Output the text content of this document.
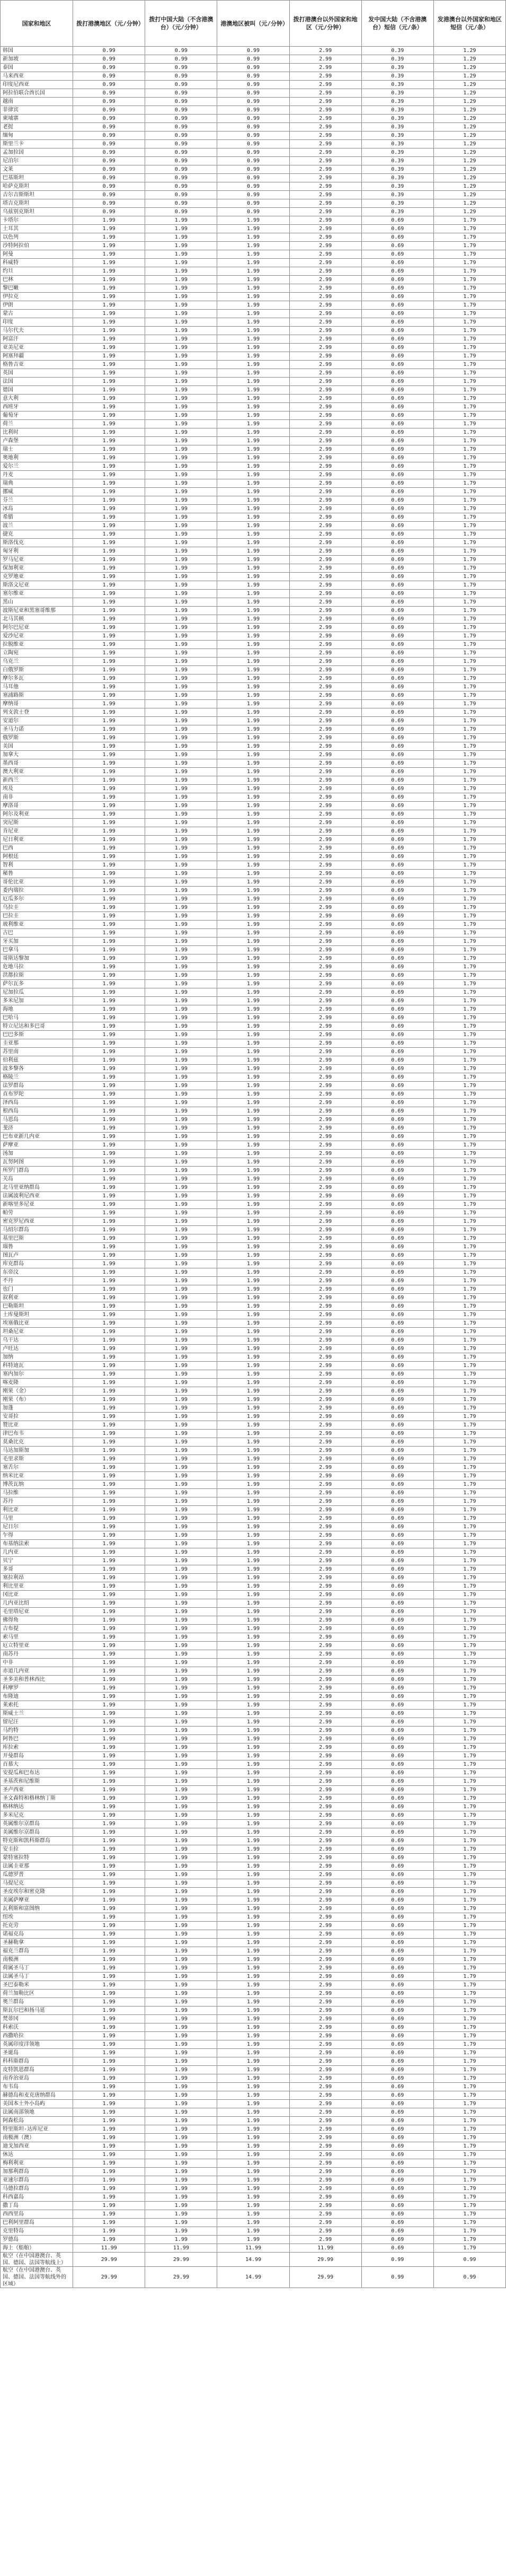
国家和地区	拨打港澳地区（元/分钟）	拨打中国大陆（不含港澳台）（元/分钟）	港澳地区被叫（元/分钟）	拨打港澳台以外国家和地区（元/分钟）	发中国大陆（不含港澳台）短信（元/条）	发港澳台以外国家和地区短信（元/条）
韩国	0.99	0.99	0.99	2.99	0.39	1.29
新加坡	0.99	0.99	0.99	2.99	0.39	1.29
泰国	0.99	0.99	0.99	2.99	0.39	1.29
马来西亚	0.99	0.99	0.99	2.99	0.39	1.29
印度尼西亚	0.99	0.99	0.99	2.99	0.39	1.29
阿拉伯联合酋长国	0.99	0.99	0.99	2.99	0.39	1.29
越南	0.99	0.99	0.99	2.99	0.39	1.29
菲律宾	0.99	0.99	0.99	2.99	0.39	1.29
柬埔寨	0.99	0.99	0.99	2.99	0.39	1.29
老挝	0.99	0.99	0.99	2.99	0.39	1.29
缅甸	0.99	0.99	0.99	2.99	0.39	1.29
斯里兰卡	0.99	0.99	0.99	2.99	0.39	1.29
孟加拉国	0.99	0.99	0.99	2.99	0.39	1.29
尼泊尔	0.99	0.99	0.99	2.99	0.39	1.29
文莱	0.99	0.99	0.99	2.99	0.39	1.29
巴基斯坦	0.99	0.99	0.99	2.99	0.39	1.29
哈萨克斯坦	0.99	0.99	0.99	2.99	0.39	1.29
吉尔吉斯斯坦	0.99	0.99	0.99	2.99	0.39	1.29
塔吉克斯坦	0.99	0.99	0.99	2.99	0.39	1.29
乌兹别克斯坦	0.99	0.99	0.99	2.99	0.39	1.29
卡塔尔	1.99	1.99	1.99	2.99	0.69	1.79
土耳其	1.99	1.99	1.99	2.99	0.69	1.79
以色列	1.99	1.99	1.99	2.99	0.69	1.79
沙特阿拉伯	1.99	1.99	1.99	2.99	0.69	1.79
阿曼	1.99	1.99	1.99	2.99	0.69	1.79
科威特	1.99	1.99	1.99	2.99	0.69	1.79
约旦	1.99	1.99	1.99	2.99	0.69	1.79
巴林	1.99	1.99	1.99	2.99	0.69	1.79
黎巴嫩	1.99	1.99	1.99	2.99	0.69	1.79
伊拉克	1.99	1.99	1.99	2.99	0.69	1.79
伊朗	1.99	1.99	1.99	2.99	0.69	1.79
蒙古	1.99	1.99	1.99	2.99	0.69	1.79
印度	1.99	1.99	1.99	2.99	0.69	1.79
马尔代夫	1.99	1.99	1.99	2.99	0.69	1.79
阿富汗	1.99	1.99	1.99	2.99	0.69	1.79
亚美尼亚	1.99	1.99	1.99	2.99	0.69	1.79
阿塞拜疆	1.99	1.99	1.99	2.99	0.69	1.79
格鲁吉亚	1.99	1.99	1.99	2.99	0.69	1.79
英国	1.99	1.99	1.99	2.99	0.69	1.79
法国	1.99	1.99	1.99	2.99	0.69	1.79
德国	1.99	1.99	1.99	2.99	0.69	1.79
意大利	1.99	1.99	1.99	2.99	0.69	1.79
西班牙	1.99	1.99	1.99	2.99	0.69	1.79
葡萄牙	1.99	1.99	1.99	2.99	0.69	1.79
荷兰	1.99	1.99	1.99	2.99	0.69	1.79
比利时	1.99	1.99	1.99	2.99	0.69	1.79
卢森堡	1.99	1.99	1.99	2.99	0.69	1.79
瑞士	1.99	1.99	1.99	2.99	0.69	1.79
奥地利	1.99	1.99	1.99	2.99	0.69	1.79
爱尔兰	1.99	1.99	1.99	2.99	0.69	1.79
丹麦	1.99	1.99	1.99	2.99	0.69	1.79
瑞典	1.99	1.99	1.99	2.99	0.69	1.79
挪威	1.99	1.99	1.99	2.99	0.69	1.79
芬兰	1.99	1.99	1.99	2.99	0.69	1.79
冰岛	1.99	1.99	1.99	2.99	0.69	1.79
希腊	1.99	1.99	1.99	2.99	0.69	1.79
波兰	1.99	1.99	1.99	2.99	0.69	1.79
捷克	1.99	1.99	1.99	2.99	0.69	1.79
斯洛伐克	1.99	1.99	1.99	2.99	0.69	1.79
匈牙利	1.99	1.99	1.99	2.99	0.69	1.79
罗马尼亚	1.99	1.99	1.99	2.99	0.69	1.79
保加利亚	1.99	1.99	1.99	2.99	0.69	1.79
克罗地亚	1.99	1.99	1.99	2.99	0.69	1.79
斯洛文尼亚	1.99	1.99	1.99	2.99	0.69	1.79
塞尔维亚	1.99	1.99	1.99	2.99	0.69	1.79
黑山	1.99	1.99	1.99	2.99	0.69	1.79
波斯尼亚和黑塞哥维那	1.99	1.99	1.99	2.99	0.69	1.79
北马其顿	1.99	1.99	1.99	2.99	0.69	1.79
阿尔巴尼亚	1.99	1.99	1.99	2.99	0.69	1.79
爱沙尼亚	1.99	1.99	1.99	2.99	0.69	1.79
拉脱维亚	1.99	1.99	1.99	2.99	0.69	1.79
立陶宛	1.99	1.99	1.99	2.99	0.69	1.79
乌克兰	1.99	1.99	1.99	2.99	0.69	1.79
白俄罗斯	1.99	1.99	1.99	2.99	0.69	1.79
摩尔多瓦	1.99	1.99	1.99	2.99	0.69	1.79
马耳他	1.99	1.99	1.99	2.99	0.69	1.79
塞浦路斯	1.99	1.99	1.99	2.99	0.69	1.79
摩纳哥	1.99	1.99	1.99	2.99	0.69	1.79
列支敦士登	1.99	1.99	1.99	2.99	0.69	1.79
安道尔	1.99	1.99	1.99	2.99	0.69	1.79
圣马力诺	1.99	1.99	1.99	2.99	0.69	1.79
俄罗斯	1.99	1.99	1.99	2.99	0.69	1.79
美国	1.99	1.99	1.99	2.99	0.69	1.79
加拿大	1.99	1.99	1.99	2.99	0.69	1.79
墨西哥	1.99	1.99	1.99	2.99	0.69	1.79
澳大利亚	1.99	1.99	1.99	2.99	0.69	1.79
新西兰	1.99	1.99	1.99	2.99	0.69	1.79
埃及	1.99	1.99	1.99	2.99	0.69	1.79
南非	1.99	1.99	1.99	2.99	0.69	1.79
摩洛哥	1.99	1.99	1.99	2.99	0.69	1.79
阿尔及利亚	1.99	1.99	1.99	2.99	0.69	1.79
突尼斯	1.99	1.99	1.99	2.99	0.69	1.79
肯尼亚	1.99	1.99	1.99	2.99	0.69	1.79
尼日利亚	1.99	1.99	1.99	2.99	0.69	1.79
巴西	1.99	1.99	1.99	2.99	0.69	1.79
阿根廷	1.99	1.99	1.99	2.99	0.69	1.79
智利	1.99	1.99	1.99	2.99	0.69	1.79
秘鲁	1.99	1.99	1.99	2.99	0.69	1.79
哥伦比亚	1.99	1.99	1.99	2.99	0.69	1.79
委内瑞拉	1.99	1.99	1.99	2.99	0.69	1.79
厄瓜多尔	1.99	1.99	1.99	2.99	0.69	1.79
乌拉圭	1.99	1.99	1.99	2.99	0.69	1.79
巴拉圭	1.99	1.99	1.99	2.99	0.69	1.79
玻利维亚	1.99	1.99	1.99	2.99	0.69	1.79
古巴	1.99	1.99	1.99	2.99	0.69	1.79
牙买加	1.99	1.99	1.99	2.99	0.69	1.79
巴拿马	1.99	1.99	1.99	2.99	0.69	1.79
哥斯达黎加	1.99	1.99	1.99	2.99	0.69	1.79
危地马拉	1.99	1.99	1.99	2.99	0.69	1.79
洪都拉斯	1.99	1.99	1.99	2.99	0.69	1.79
萨尔瓦多	1.99	1.99	1.99	2.99	0.69	1.79
尼加拉瓜	1.99	1.99	1.99	2.99	0.69	1.79
多米尼加	1.99	1.99	1.99	2.99	0.69	1.79
海地	1.99	1.99	1.99	2.99	0.69	1.79
巴哈马	1.99	1.99	1.99	2.99	0.69	1.79
特立尼达和多巴哥	1.99	1.99	1.99	2.99	0.69	1.79
巴巴多斯	1.99	1.99	1.99	2.99	0.69	1.79
圭亚那	1.99	1.99	1.99	2.99	0.69	1.79
苏里南	1.99	1.99	1.99	2.99	0.69	1.79
伯利兹	1.99	1.99	1.99	2.99	0.69	1.79
波多黎各	1.99	1.99	1.99	2.99	0.69	1.79
格陵兰	1.99	1.99	1.99	2.99	0.69	1.79
法罗群岛	1.99	1.99	1.99	2.99	0.69	1.79
直布罗陀	1.99	1.99	1.99	2.99	0.69	1.79
泽西岛	1.99	1.99	1.99	2.99	0.69	1.79
根西岛	1.99	1.99	1.99	2.99	0.69	1.79
马恩岛	1.99	1.99	1.99	2.99	0.69	1.79
斐济	1.99	1.99	1.99	2.99	0.69	1.79
巴布亚新几内亚	1.99	1.99	1.99	2.99	0.69	1.79
萨摩亚	1.99	1.99	1.99	2.99	0.69	1.79
汤加	1.99	1.99	1.99	2.99	0.69	1.79
瓦努阿图	1.99	1.99	1.99	2.99	0.69	1.79
所罗门群岛	1.99	1.99	1.99	2.99	0.69	1.79
关岛	1.99	1.99	1.99	2.99	0.69	1.79
北马里亚纳群岛	1.99	1.99	1.99	2.99	0.69	1.79
法属波利尼西亚	1.99	1.99	1.99	2.99	0.69	1.79
新喀里多尼亚	1.99	1.99	1.99	2.99	0.69	1.79
帕劳	1.99	1.99	1.99	2.99	0.69	1.79
密克罗尼西亚	1.99	1.99	1.99	2.99	0.69	1.79
马绍尔群岛	1.99	1.99	1.99	2.99	0.69	1.79
基里巴斯	1.99	1.99	1.99	2.99	0.69	1.79
瑙鲁	1.99	1.99	1.99	2.99	0.69	1.79
图瓦卢	1.99	1.99	1.99	2.99	0.69	1.79
库克群岛	1.99	1.99	1.99	2.99	0.69	1.79
东帝汶	1.99	1.99	1.99	2.99	0.69	1.79
不丹	1.99	1.99	1.99	2.99	0.69	1.79
也门	1.99	1.99	1.99	2.99	0.69	1.79
叙利亚	1.99	1.99	1.99	2.99	0.69	1.79
巴勒斯坦	1.99	1.99	1.99	2.99	0.69	1.79
土库曼斯坦	1.99	1.99	1.99	2.99	0.69	1.79
埃塞俄比亚	1.99	1.99	1.99	2.99	0.69	1.79
坦桑尼亚	1.99	1.99	1.99	2.99	0.69	1.79
乌干达	1.99	1.99	1.99	2.99	0.69	1.79
卢旺达	1.99	1.99	1.99	2.99	0.69	1.79
加纳	1.99	1.99	1.99	2.99	0.69	1.79
科特迪瓦	1.99	1.99	1.99	2.99	0.69	1.79
塞内加尔	1.99	1.99	1.99	2.99	0.69	1.79
喀麦隆	1.99	1.99	1.99	2.99	0.69	1.79
刚果（金）	1.99	1.99	1.99	2.99	0.69	1.79
刚果（布）	1.99	1.99	1.99	2.99	0.69	1.79
加蓬	1.99	1.99	1.99	2.99	0.69	1.79
安哥拉	1.99	1.99	1.99	2.99	0.69	1.79
赞比亚	1.99	1.99	1.99	2.99	0.69	1.79
津巴布韦	1.99	1.99	1.99	2.99	0.69	1.79
莫桑比克	1.99	1.99	1.99	2.99	0.69	1.79
马达加斯加	1.99	1.99	1.99	2.99	0.69	1.79
毛里求斯	1.99	1.99	1.99	2.99	0.69	1.79
塞舌尔	1.99	1.99	1.99	2.99	0.69	1.79
纳米比亚	1.99	1.99	1.99	2.99	0.69	1.79
博茨瓦纳	1.99	1.99	1.99	2.99	0.69	1.79
马拉维	1.99	1.99	1.99	2.99	0.69	1.79
苏丹	1.99	1.99	1.99	2.99	0.69	1.79
利比亚	1.99	1.99	1.99	2.99	0.69	1.79
马里	1.99	1.99	1.99	2.99	0.69	1.79
尼日尔	1.99	1.99	1.99	2.99	0.69	1.79
乍得	1.99	1.99	1.99	2.99	0.69	1.79
布基纳法索	1.99	1.99	1.99	2.99	0.69	1.79
几内亚	1.99	1.99	1.99	2.99	0.69	1.79
贝宁	1.99	1.99	1.99	2.99	0.69	1.79
多哥	1.99	1.99	1.99	2.99	0.69	1.79
塞拉利昂	1.99	1.99	1.99	2.99	0.69	1.79
利比里亚	1.99	1.99	1.99	2.99	0.69	1.79
冈比亚	1.99	1.99	1.99	2.99	0.69	1.79
几内亚比绍	1.99	1.99	1.99	2.99	0.69	1.79
毛里塔尼亚	1.99	1.99	1.99	2.99	0.69	1.79
佛得角	1.99	1.99	1.99	2.99	0.69	1.79
吉布提	1.99	1.99	1.99	2.99	0.69	1.79
索马里	1.99	1.99	1.99	2.99	0.69	1.79
厄立特里亚	1.99	1.99	1.99	2.99	0.69	1.79
南苏丹	1.99	1.99	1.99	2.99	0.69	1.79
中非	1.99	1.99	1.99	2.99	0.69	1.79
赤道几内亚	1.99	1.99	1.99	2.99	0.69	1.79
圣多美和普林西比	1.99	1.99	1.99	2.99	0.69	1.79
科摩罗	1.99	1.99	1.99	2.99	0.69	1.79
布隆迪	1.99	1.99	1.99	2.99	0.69	1.79
莱索托	1.99	1.99	1.99	2.99	0.69	1.79
斯威士兰	1.99	1.99	1.99	2.99	0.69	1.79
留尼汪	1.99	1.99	1.99	2.99	0.69	1.79
马约特	1.99	1.99	1.99	2.99	0.69	1.79
阿鲁巴	1.99	1.99	1.99	2.99	0.69	1.79
库拉索	1.99	1.99	1.99	2.99	0.69	1.79
开曼群岛	1.99	1.99	1.99	2.99	0.69	1.79
百慕大	1.99	1.99	1.99	2.99	0.69	1.79
安提瓜和巴布达	1.99	1.99	1.99	2.99	0.69	1.79
圣基茨和尼维斯	1.99	1.99	1.99	2.99	0.69	1.79
圣卢西亚	1.99	1.99	1.99	2.99	0.69	1.79
圣文森特和格林纳丁斯	1.99	1.99	1.99	2.99	0.69	1.79
格林纳达	1.99	1.99	1.99	2.99	0.69	1.79
多米尼克	1.99	1.99	1.99	2.99	0.69	1.79
英属维尔京群岛	1.99	1.99	1.99	2.99	0.69	1.79
美属维尔京群岛	1.99	1.99	1.99	2.99	0.69	1.79
特克斯和凯科斯群岛	1.99	1.99	1.99	2.99	0.69	1.79
安圭拉	1.99	1.99	1.99	2.99	0.69	1.79
蒙特塞拉特	1.99	1.99	1.99	2.99	0.69	1.79
法属圭亚那	1.99	1.99	1.99	2.99	0.69	1.79
瓜德罗普	1.99	1.99	1.99	2.99	0.69	1.79
马提尼克	1.99	1.99	1.99	2.99	0.69	1.79
圣皮埃尔和密克隆	1.99	1.99	1.99	2.99	0.69	1.79
美属萨摩亚	1.99	1.99	1.99	2.99	0.69	1.79
瓦利斯和富图纳	1.99	1.99	1.99	2.99	0.69	1.79
纽埃	1.99	1.99	1.99	2.99	0.69	1.79
托克劳	1.99	1.99	1.99	2.99	0.69	1.79
诺福克岛	1.99	1.99	1.99	2.99	0.69	1.79
圣赫勒拿	1.99	1.99	1.99	2.99	0.69	1.79
福克兰群岛	1.99	1.99	1.99	2.99	0.69	1.79
南极洲	1.99	1.99	1.99	2.99	0.69	1.79
荷属圣马丁	1.99	1.99	1.99	2.99	0.69	1.79
法属圣马丁	1.99	1.99	1.99	2.99	0.69	1.79
圣巴泰勒米	1.99	1.99	1.99	2.99	0.69	1.79
荷兰加勒比区	1.99	1.99	1.99	2.99	0.69	1.79
奥兰群岛	1.99	1.99	1.99	2.99	0.69	1.79
斯瓦尔巴和扬马延	1.99	1.99	1.99	2.99	0.69	1.79
梵蒂冈	1.99	1.99	1.99	2.99	0.69	1.79
科索沃	1.99	1.99	1.99	2.99	0.69	1.79
西撒哈拉	1.99	1.99	1.99	2.99	0.69	1.79
英属印度洋领地	1.99	1.99	1.99	2.99	0.69	1.79
圣诞岛	1.99	1.99	1.99	2.99	0.69	1.79
科科斯群岛	1.99	1.99	1.99	2.99	0.69	1.79
皮特凯恩群岛	1.99	1.99	1.99	2.99	0.69	1.79
南乔治亚岛	1.99	1.99	1.99	2.99	0.69	1.79
布韦岛	1.99	1.99	1.99	2.99	0.69	1.79
赫德岛和麦克唐纳群岛	1.99	1.99	1.99	2.99	0.69	1.79
美国本土外小岛屿	1.99	1.99	1.99	2.99	0.69	1.79
法属南部领地	1.99	1.99	1.99	2.99	0.69	1.79
阿森松岛	1.99	1.99	1.99	2.99	0.69	1.79
特里斯坦-达库尼亚	1.99	1.99	1.99	2.99	0.69	1.79
南极洲（澳）	1.99	1.99	1.99	2.99	0.69	1.79
迪戈加西亚	1.99	1.99	1.99	2.99	0.69	1.79
休达	1.99	1.99	1.99	2.99	0.69	1.79
梅利利亚	1.99	1.99	1.99	2.99	0.69	1.79
加那利群岛	1.99	1.99	1.99	2.99	0.69	1.79
亚速尔群岛	1.99	1.99	1.99	2.99	0.69	1.79
马德拉群岛	1.99	1.99	1.99	2.99	0.69	1.79
科西嘉岛	1.99	1.99	1.99	2.99	0.69	1.79
撒丁岛	1.99	1.99	1.99	2.99	0.69	1.79
西西里岛	1.99	1.99	1.99	2.99	0.69	1.79
巴利阿里群岛	1.99	1.99	1.99	2.99	0.69	1.79
克里特岛	1.99	1.99	1.99	2.99	0.69	1.79
罗德岛	1.99	1.99	1.99	2.99	0.69	1.79
海上（船舶）	11.99	11.99	11.99	11.99	0.69	1.79
航空（在中国港澳台、英国、德国、法国等航线上）	29.99	29.99	14.99	29.99	0.99	0.99
航空（在中国港澳台、英国、德国、法国等航线外的区域）	29.99	29.99	14.99	29.99	0.99	0.99
